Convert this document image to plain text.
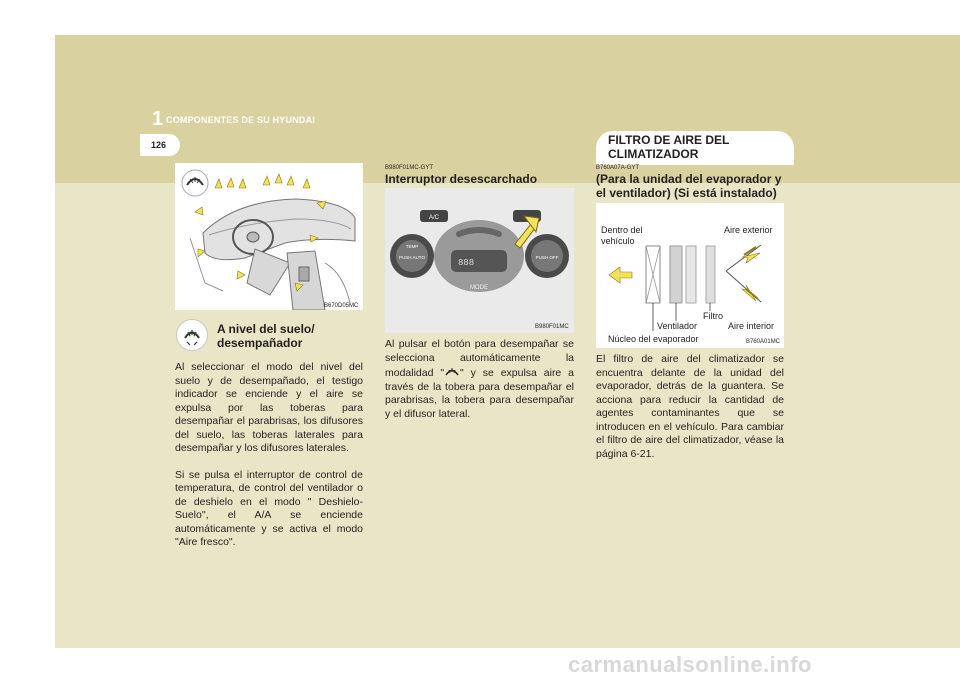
1 COMPONENTES DE SU HYUNDAI
126	FILTRO DE AIRE DEL CLIMATIZADOR
B670D05MC
A nivel del suelo/ desempañador

Al seleccionar el modo del nivel del suelo y de desempañado, el testigo indicador se enciende y el aire se expulsa por las toberas para desempañar el parabrisas, los difusores del suelo, las toberas laterales para desempañar y los difusores laterales.

Si se pulsa el interruptor de control de temperatura, de control del ventilador o de deshielo en el modo " Deshielo-Suelo", el A/A se enciende automáticamente y se activa el modo "Aire fresco".

B980F01MC-GYT
Interruptor desescarchado
A/C
888
MODE
TEMP
PUSH AUTO	PUSH OFF
B980F01MC

Al pulsar el botón para desempañar se selecciona automáticamente la modalidad " " y se expulsa aire a través de la tobera para desempañar el parabrisas, la tobera para desempañar y el difusor lateral.

B760A07A-GYT
(Para la unidad del evaporador y el ventilador) (Si está instalado)
Dentro del vehículo
Aire exterior
Filtro
Aire interior
Ventilador
Núcleo del evaporador	B760A01MC

El filtro de aire del climatizador se encuentra delante de la unidad del evaporador, detrás de la guantera. Se acciona para reducir la cantidad de agentes contaminantes que se introducen en el vehículo. Para cambiar el filtro de aire del climatizador, véase la página 6-21.

carmanualsonline.info
